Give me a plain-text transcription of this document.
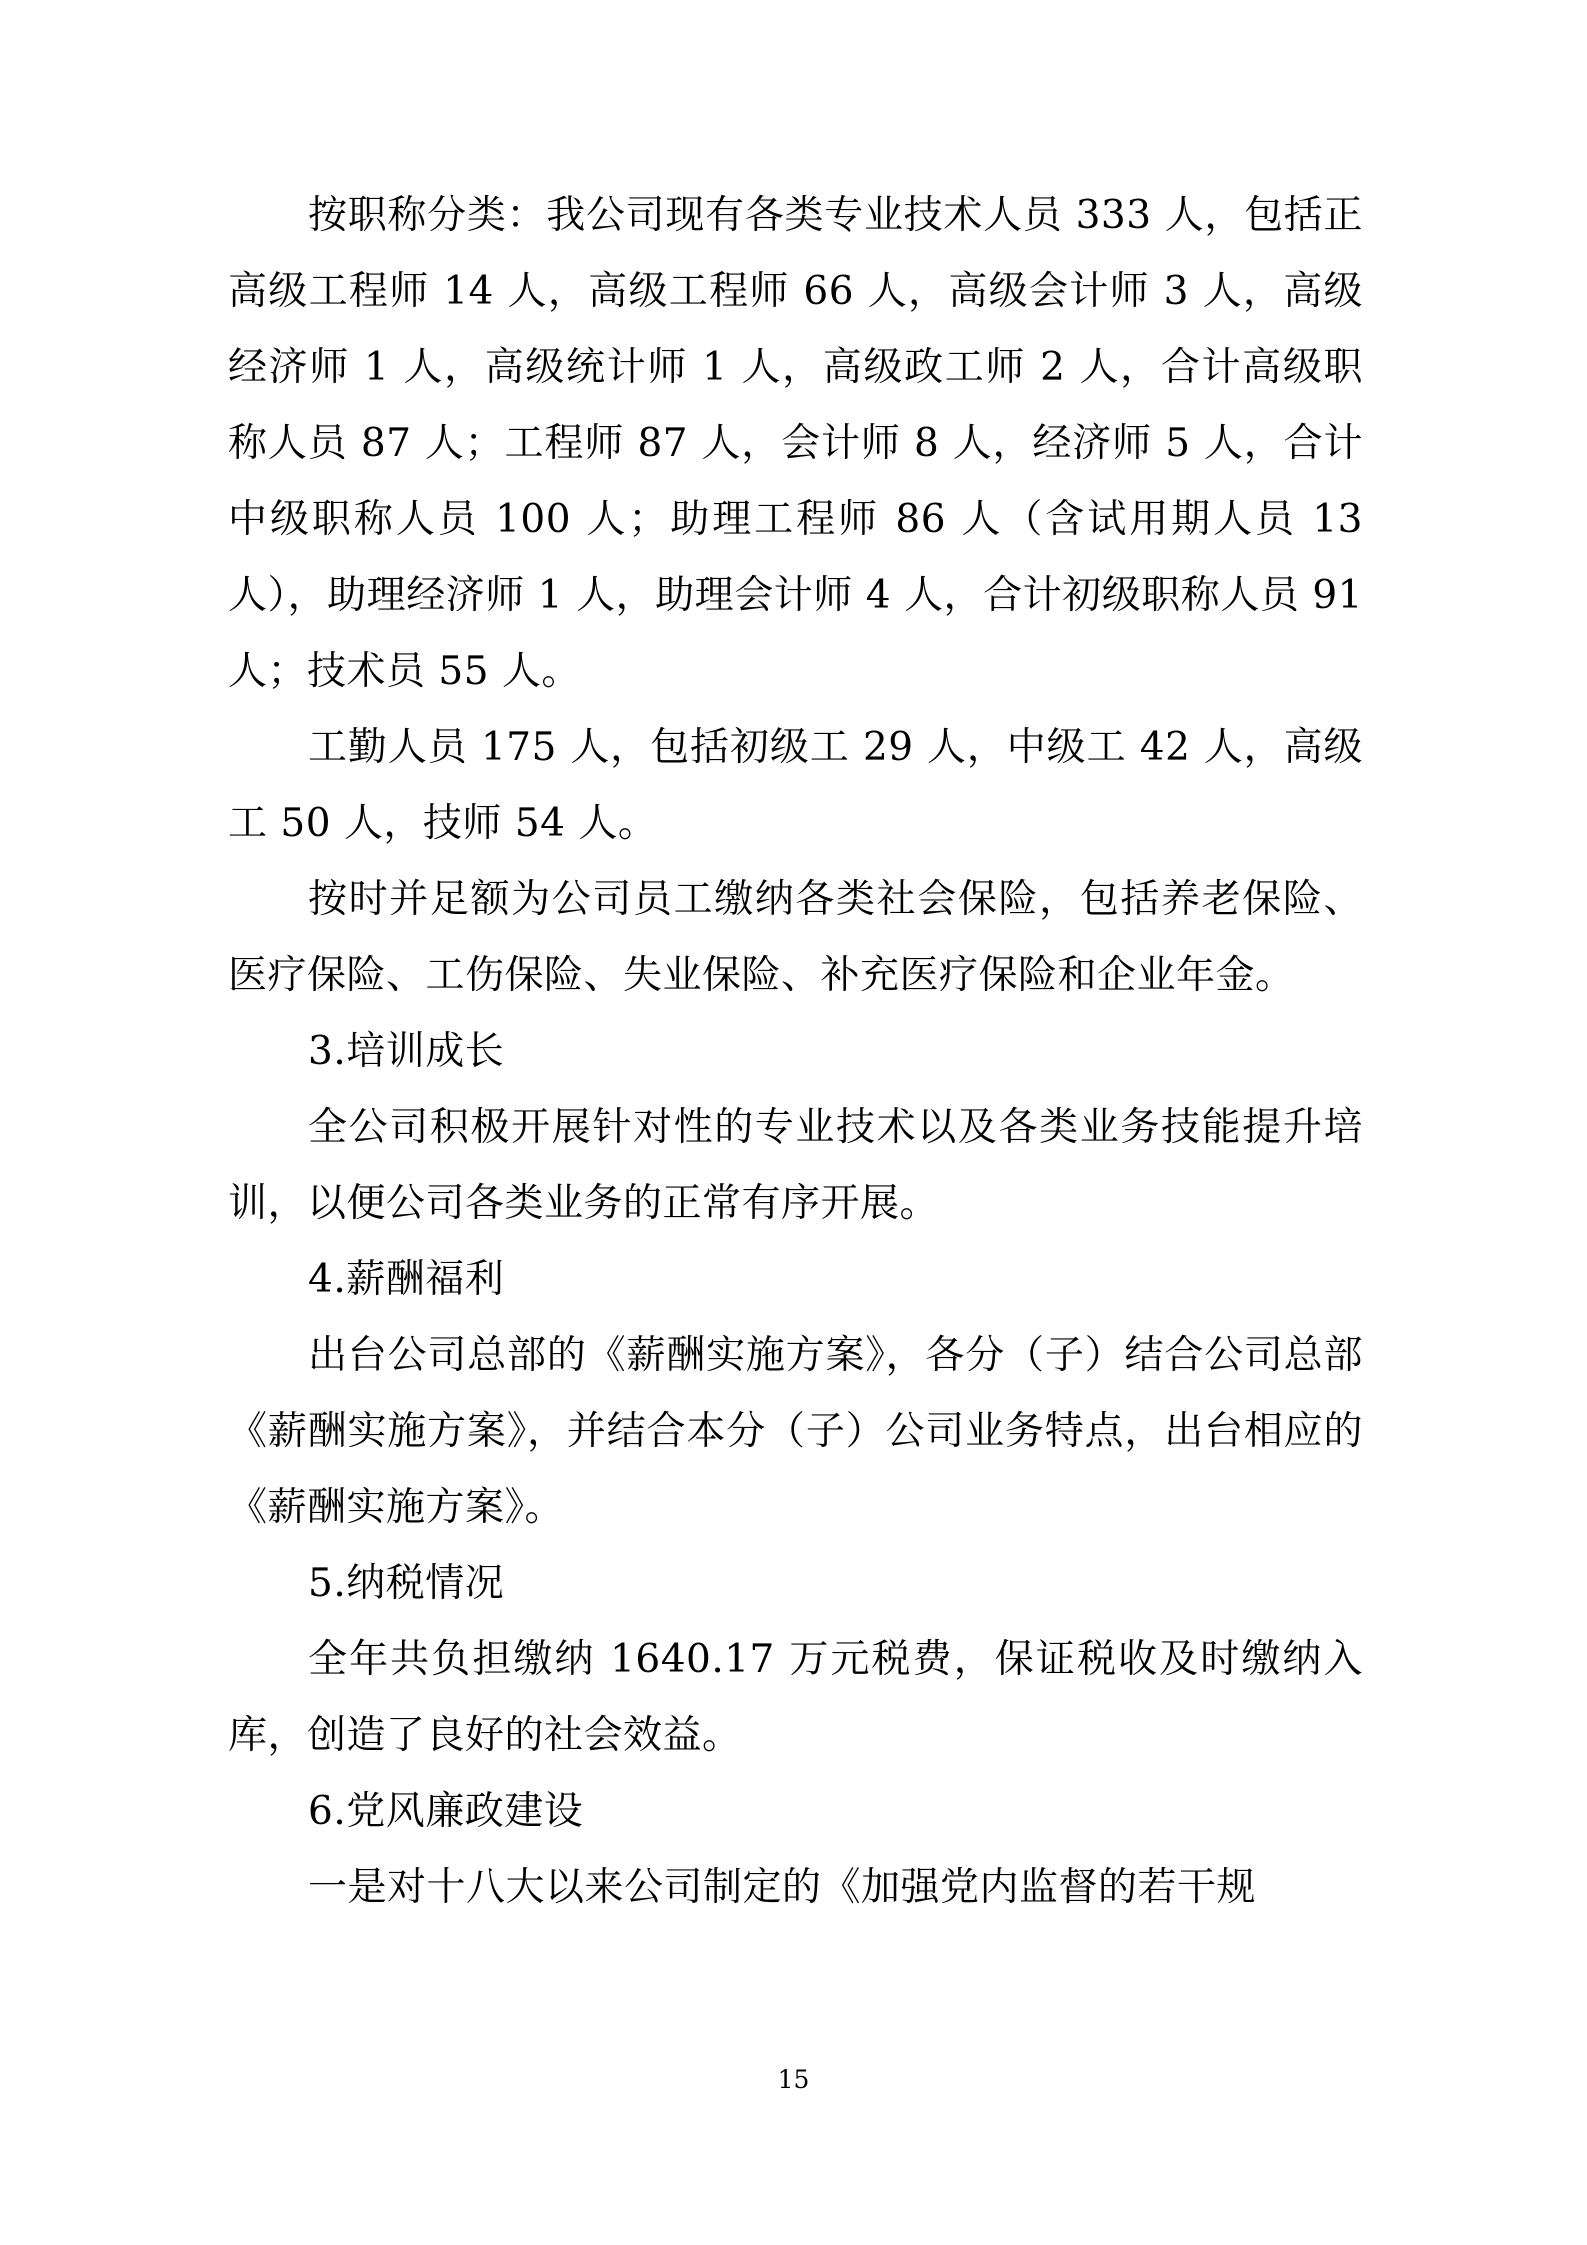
按职称分类：我公司现有各类专业技术人员 333 人，包括正高级工程师 14 人，高级工程师 66 人，高级会计师 3 人，高级经济师 1 人，高级统计师 1 人，高级政工师 2 人，合计高级职称人员 87 人；工程师 87 人，会计师 8 人，经济师 5 人，合计中级职称人员 100 人；助理工程师 86 人（含试用期人员 13 人），助理经济师 1 人，助理会计师 4 人，合计初级职称人员 91 人；技术员 55 人。

工勤人员 175 人，包括初级工 29 人，中级工 42 人，高级工 50 人，技师 54 人。

按时并足额为公司员工缴纳各类社会保险，包括养老保险、医疗保险、工伤保险、失业保险、补充医疗保险和企业年金。

3.培训成长

全公司积极开展针对性的专业技术以及各类业务技能提升培训，以便公司各类业务的正常有序开展。

4.薪酬福利

出台公司总部的《薪酬实施方案》，各分（子）结合公司总部《薪酬实施方案》，并结合本分（子）公司业务特点，出台相应的《薪酬实施方案》。

5.纳税情况

全年共负担缴纳 1640.17 万元税费，保证税收及时缴纳入库，创造了良好的社会效益。

6.党风廉政建设

一是对十八大以来公司制定的《加强党内监督的若干规

15
